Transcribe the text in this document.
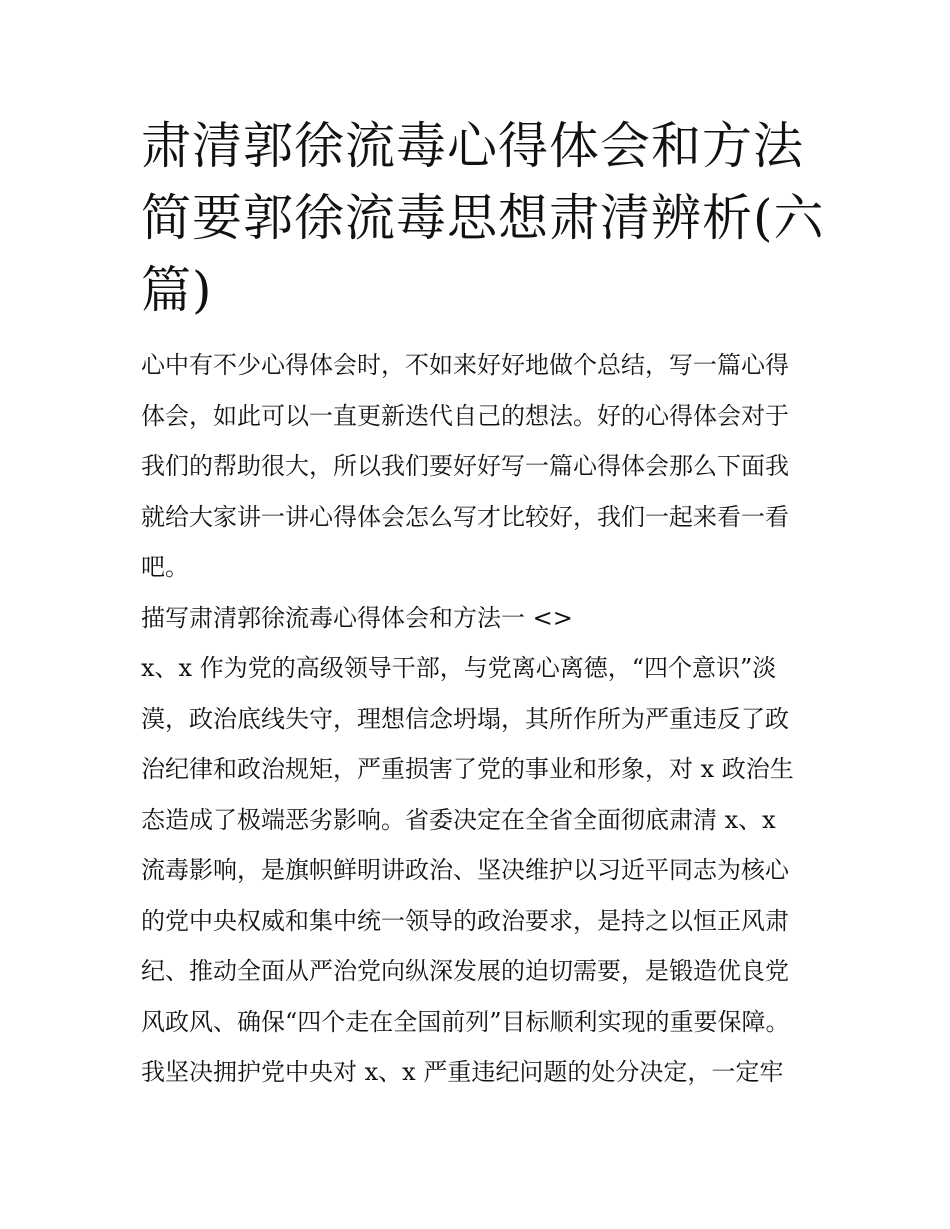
肃清郭徐流毒心得体会和方法
简要郭徐流毒思想肃清辨析(六
篇)
心中有不少心得体会时，不如来好好地做个总结，写一篇心得
体会，如此可以一直更新迭代自己的想法。好的心得体会对于
我们的帮助很大，所以我们要好好写一篇心得体会那么下面我
就给大家讲一讲心得体会怎么写才比较好，我们一起来看一看
吧。
描写肃清郭徐流毒心得体会和方法一 <>
x、x 作为党的高级领导干部，与党离心离德，“四个意识”淡
漠，政治底线失守，理想信念坍塌，其所作所为严重违反了政
治纪律和政治规矩，严重损害了党的事业和形象，对 x 政治生
态造成了极端恶劣影响。省委决定在全省全面彻底肃清 x、x
流毒影响，是旗帜鲜明讲政治、坚决维护以习近平同志为核心
的党中央权威和集中统一领导的政治要求，是持之以恒正风肃
纪、推动全面从严治党向纵深发展的迫切需要，是锻造优良党
风政风、确保“四个走在全国前列”目标顺利实现的重要保障。
我坚决拥护党中央对 x、x 严重违纪问题的处分决定，一定牢
